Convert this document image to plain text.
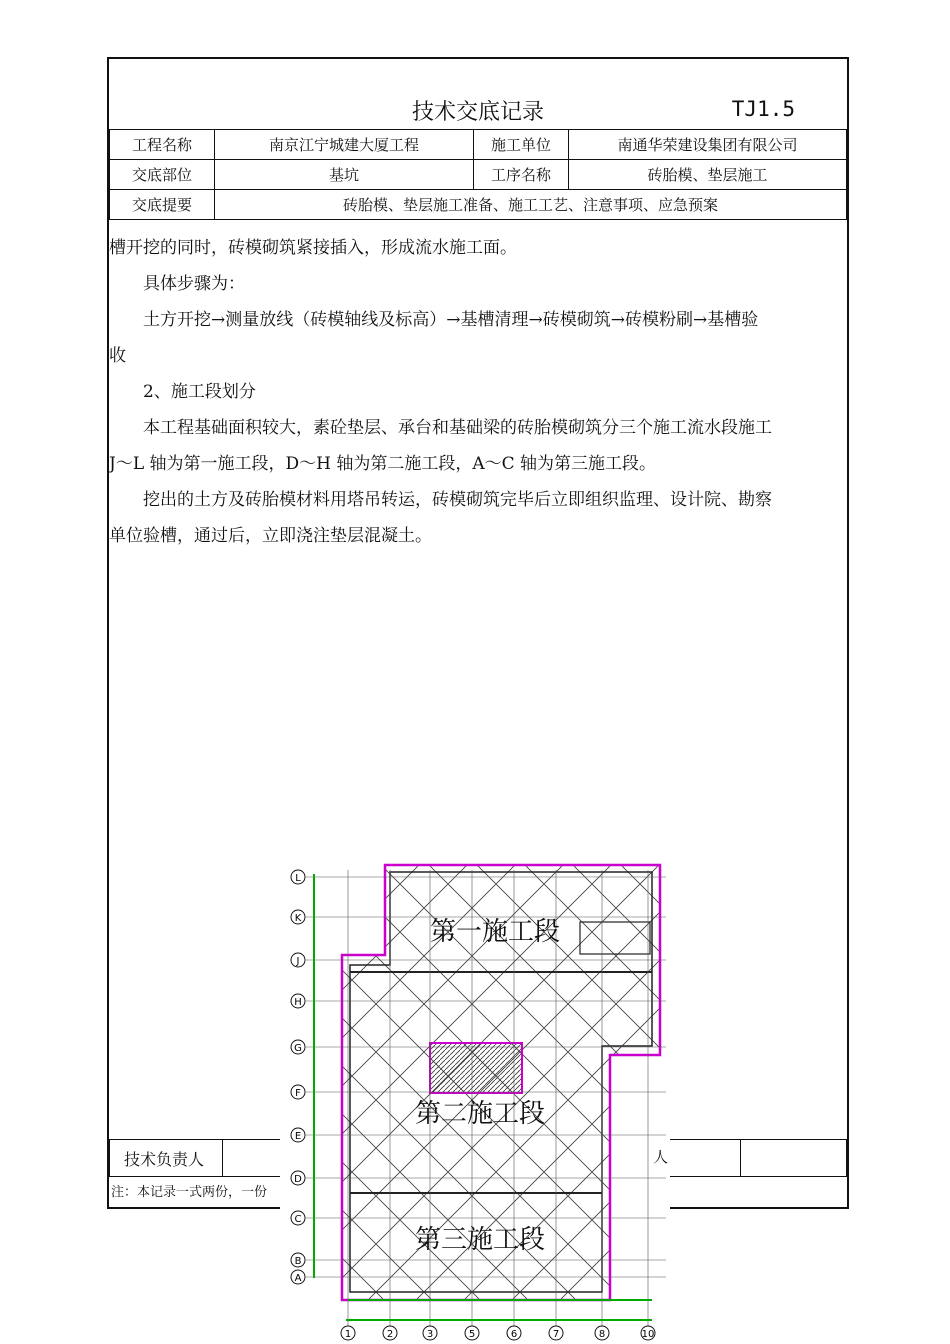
技术交底记录	TJ1.5
工程名称	南京江宁城建大厦工程	施工单位	南通华荣建设集团有限公司
交底部位	基坑	工序名称	砖胎模、垫层施工
交底提要	砖胎模、垫层施工准备、施工工艺、注意事项、应急预案		

槽开挖的同时，砖模砌筑紧接插入，形成流水施工面。

具体步骤为：

土方开挖→测量放线（砖模轴线及标高）→基槽清理→砖模砌筑→砖模粉刷→基槽验

收

2、施工段划分

本工程基础面积较大，素砼垫层、承台和基础梁的砖胎模砌筑分三个施工流水段施工

J～L 轴为第一施工段，D～H 轴为第二施工段，A～C 轴为第三施工段。

挖出的土方及砖胎模材料用塔吊转运，砖模砌筑完毕后立即组织监理、设计院、勘察

单位验槽，通过后，立即浇注垫层混凝土。

技术负责人			
注：本记录一式两份，一份
L
K
J
H
G
F
E
D
C
B
A
1	2	3	5	6	7	8	10
第一施工段
第二施工段
第三施工段
人
